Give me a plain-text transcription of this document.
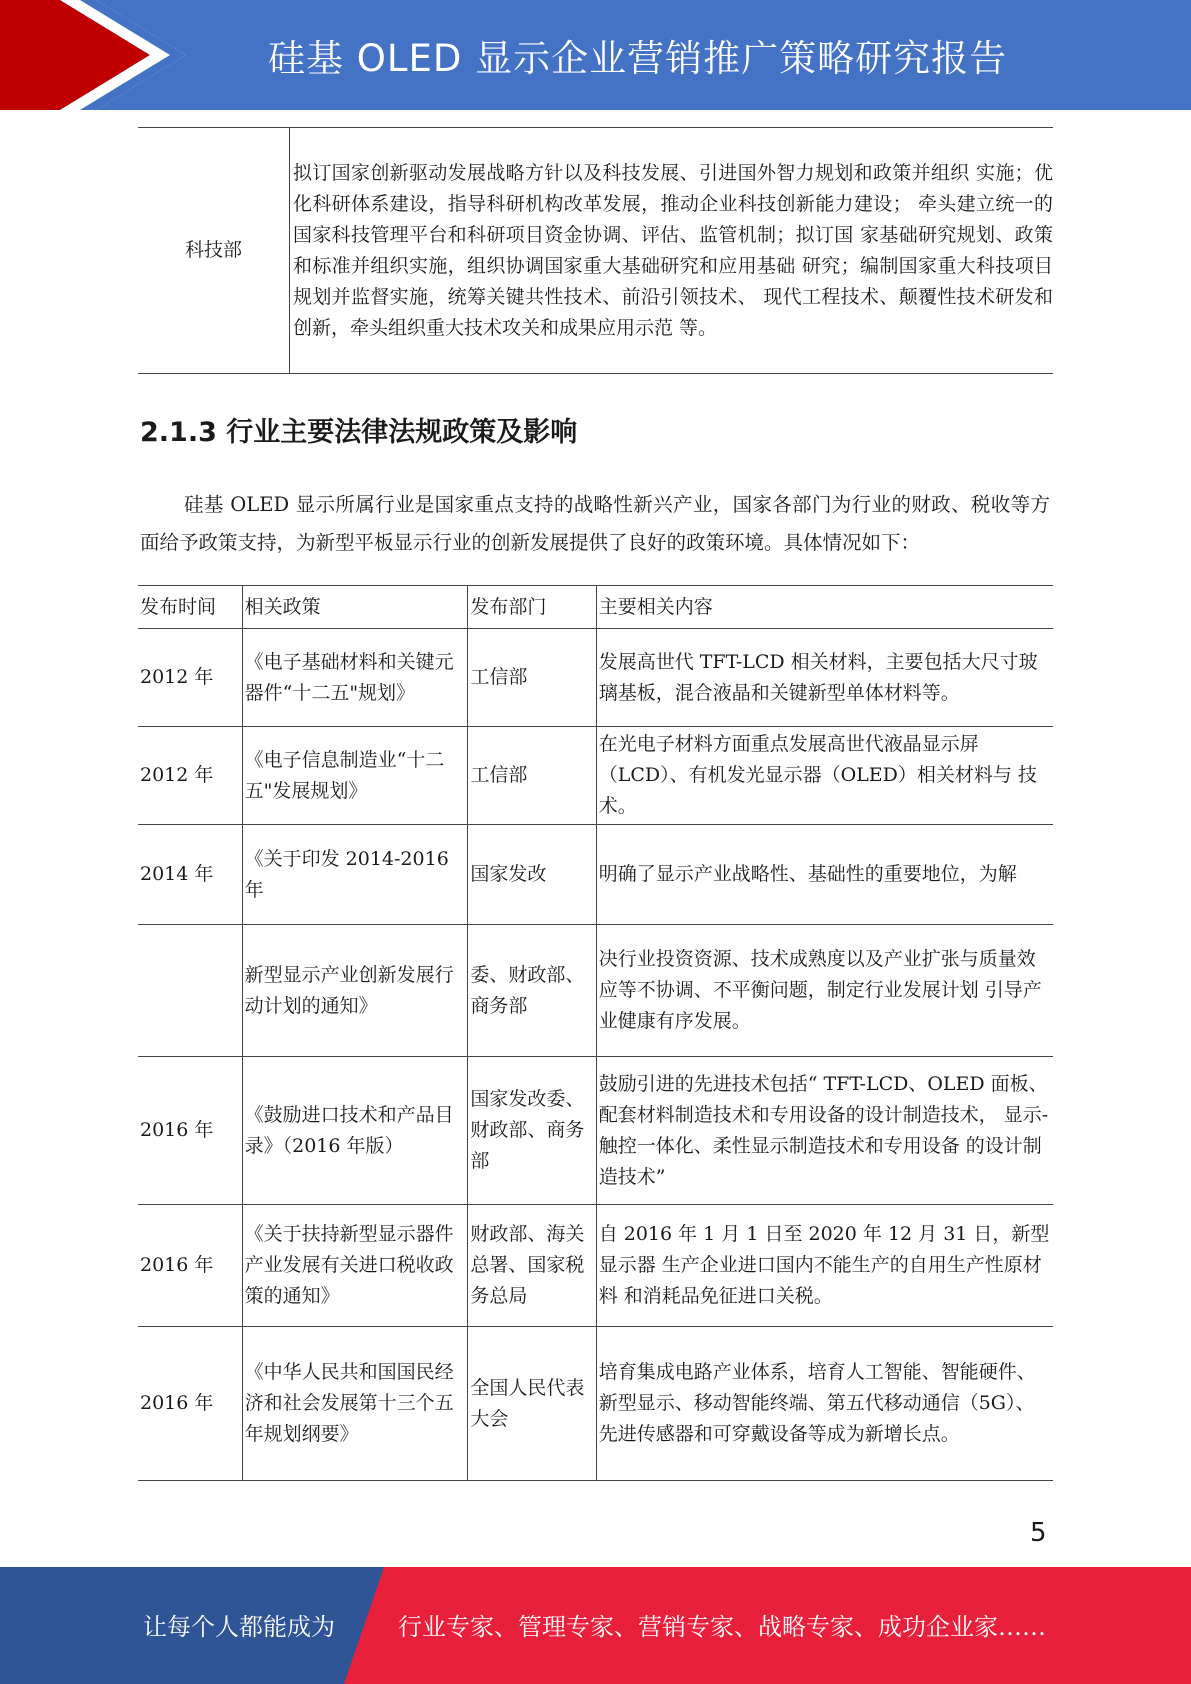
硅基 OLED 显示企业营销推广策略研究报告
科技部	拟订国家创新驱动发展战略方针以及科技发展、引进国外智力规划和政策并组织 实施；优化科研体系建设，指导科研机构改革发展，推动企业科技创新能力建设； 牵头建立统一的国家科技管理平台和科研项目资金协调、评估、监管机制；拟订国 家基础研究规划、政策和标准并组织实施，组织协调国家重大基础研究和应用基础 研究；编制国家重大科技项目规划并监督实施，统筹关键共性技术、前沿引领技术、 现代工程技术、颠覆性技术研发和创新，牵头组织重大技术攻关和成果应用示范 等。
2.1.3 行业主要法律法规政策及影响

硅基 OLED 显示所属行业是国家重点支持的战略性新兴产业，国家各部门为行业的财政、税收等方面给予政策支持，为新型平板显示行业的创新发展提供了良好的政策环境。具体情况如下：

发布时间	相关政策	发布部门	主要相关内容
2012 年	《电子基础材料和关键元器件“十二五"规划》	工信部	发展高世代 TFT-LCD 相关材料，主要包括大尺寸玻璃基板，混合液晶和关键新型单体材料等。
2012 年	《电子信息制造业“十二五"发展规划》	工信部	在光电子材料方面重点发展高世代液晶显示屏（LCD）、有机发光显示器（OLED）相关材料与 技术。
2014 年	《关于印发 2014-2016 年	国家发改	明确了显示产业战略性、基础性的重要地位，为解
	新型显示产业创新发展行动计划的通知》	委、财政部、商务部	决行业投资资源、技术成熟度以及产业扩张与质量效应等不协调、不平衡问题，制定行业发展计划 引导产业健康有序发展。
2016 年	《鼓励进口技术和产品目录》（2016 年版）	国家发改委、财政部、商务部	鼓励引进的先进技术包括“ TFT-LCD、OLED 面板、 配套材料制造技术和专用设备的设计制造技术， 显示-触控一体化、柔性显示制造技术和专用设备 的设计制造技术”
2016 年	《关于扶持新型显示器件产业发展有关进口税收政策的通知》	财政部、海关总署、国家税务总局	自 2016 年 1 月 1 日至 2020 年 12 月 31 日，新型显示器 生产企业进口国内不能生产的自用生产性原材料 和消耗品免征进口关税。
2016 年	《中华人民共和国国民经济和社会发展第十三个五年规划纲要》	全国人民代表大会	培育集成电路产业体系，培育人工智能、智能硬件、新型显示、移动智能终端、第五代移动通信（5G）、先进传感器和可穿戴设备等成为新增长点。
5
让每个人都能成为	行业专家、管理专家、营销专家、战略专家、成功企业家……
